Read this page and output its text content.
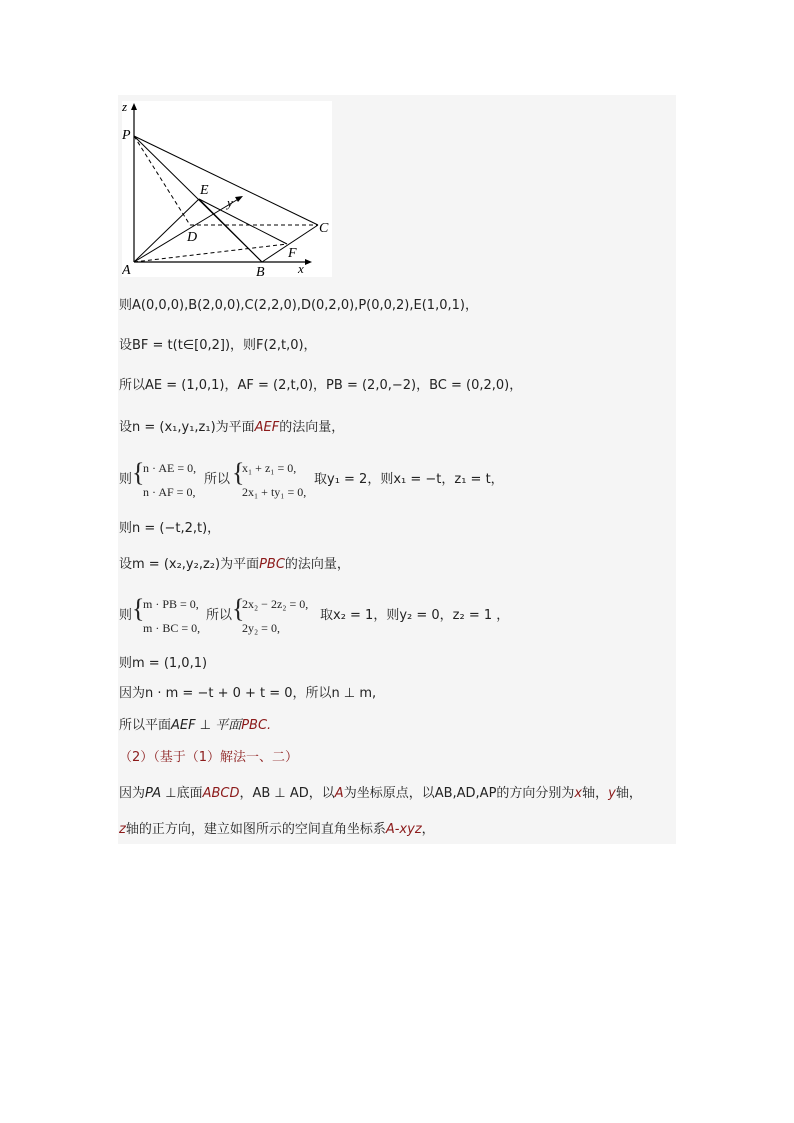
z
P
E
y
D
C
F
A	B	x
则A(0,0,0),B(2,0,0),C(2,2,0),D(0,2,0),P(0,0,2),E(1,0,1)，
设BF = t(t∈[0,2])，则F(2,t,0)，
所以AE = (1,0,1)，AF = (2,t,0)，PB = (2,0,−2)，BC = (0,2,0)，
设n = (x₁,y₁,z₁)为平面AEF的法向量，
则 {
n · AE = 0,
n · AF = 0,
所以 {
x₁ + z₁ = 0,
2x₁ + ty₁ = 0,
取y₁ = 2，则x₁ = −t，z₁ = t，
则n = (−t,2,t)，
设m = (x₂,y₂,z₂)为平面PBC的法向量，
则 {
m · PB = 0,
m · BC = 0,
所以 {
2x₂ − 2z₂ = 0,
2y₂ = 0,
取x₂ = 1，则y₂ = 0，z₂ = 1 ，
则m = (1,0,1)
因为n · m = −t + 0 + t = 0，所以n ⊥ m,
所以平面AEF ⊥ 平面PBC.
（2）（基于（1）解法一、二）
因为PA ⊥底面ABCD，AB ⊥ AD，以A为坐标原点，以AB,AD,AP的方向分别为x轴，y轴，
z轴的正方向，建立如图所示的空间直角坐标系A-xyz，
